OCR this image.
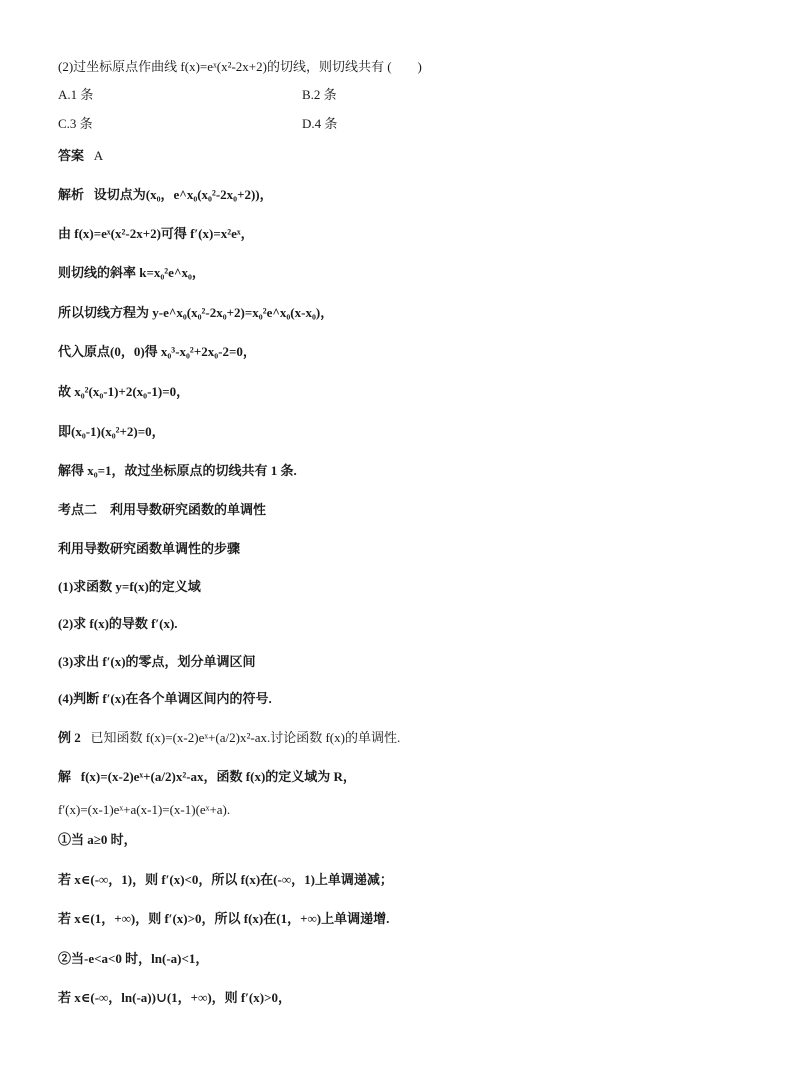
(2)过坐标原点作曲线 f(x)=eˣ(x²-2x+2)的切线，则切线共有 (　　)
A.1 条	B.2 条
C.3 条	D.4 条
答案 A
解析 设切点为(x₀，e^x₀(x₀²-2x₀+2))，
由 f(x)=eˣ(x²-2x+2)可得 f′(x)=x²eˣ，
则切线的斜率 k=x₀²e^x₀，
所以切线方程为 y-e^x₀(x₀²-2x₀+2)=x₀²e^x₀(x-x₀)，
代入原点(0，0)得 x₀³-x₀²+2x₀-2=0，
故 x₀²(x₀-1)+2(x₀-1)=0，
即(x₀-1)(x₀²+2)=0，
解得 x₀=1，故过坐标原点的切线共有 1 条.
考点二　利用导数研究函数的单调性
利用导数研究函数单调性的步骤
(1)求函数 y=f(x)的定义域
(2)求 f(x)的导数 f′(x).
(3)求出 f′(x)的零点，划分单调区间
(4)判断 f′(x)在各个单调区间内的符号.
例 2 已知函数 f(x)=(x-2)eˣ+(a/2)x²-ax.讨论函数 f(x)的单调性.
解 f(x)=(x-2)eˣ+(a/2)x²-ax，函数 f(x)的定义域为 R，
f′(x)=(x-1)eˣ+a(x-1)=(x-1)(eˣ+a).
①当 a≥0 时，
若 x∈(-∞，1)，则 f′(x)<0，所以 f(x)在(-∞，1)上单调递减；
若 x∈(1，+∞)，则 f′(x)>0，所以 f(x)在(1，+∞)上单调递增.
②当-e<a<0 时，ln(-a)<1，
若 x∈(-∞，ln(-a))∪(1，+∞)，则 f′(x)>0，
